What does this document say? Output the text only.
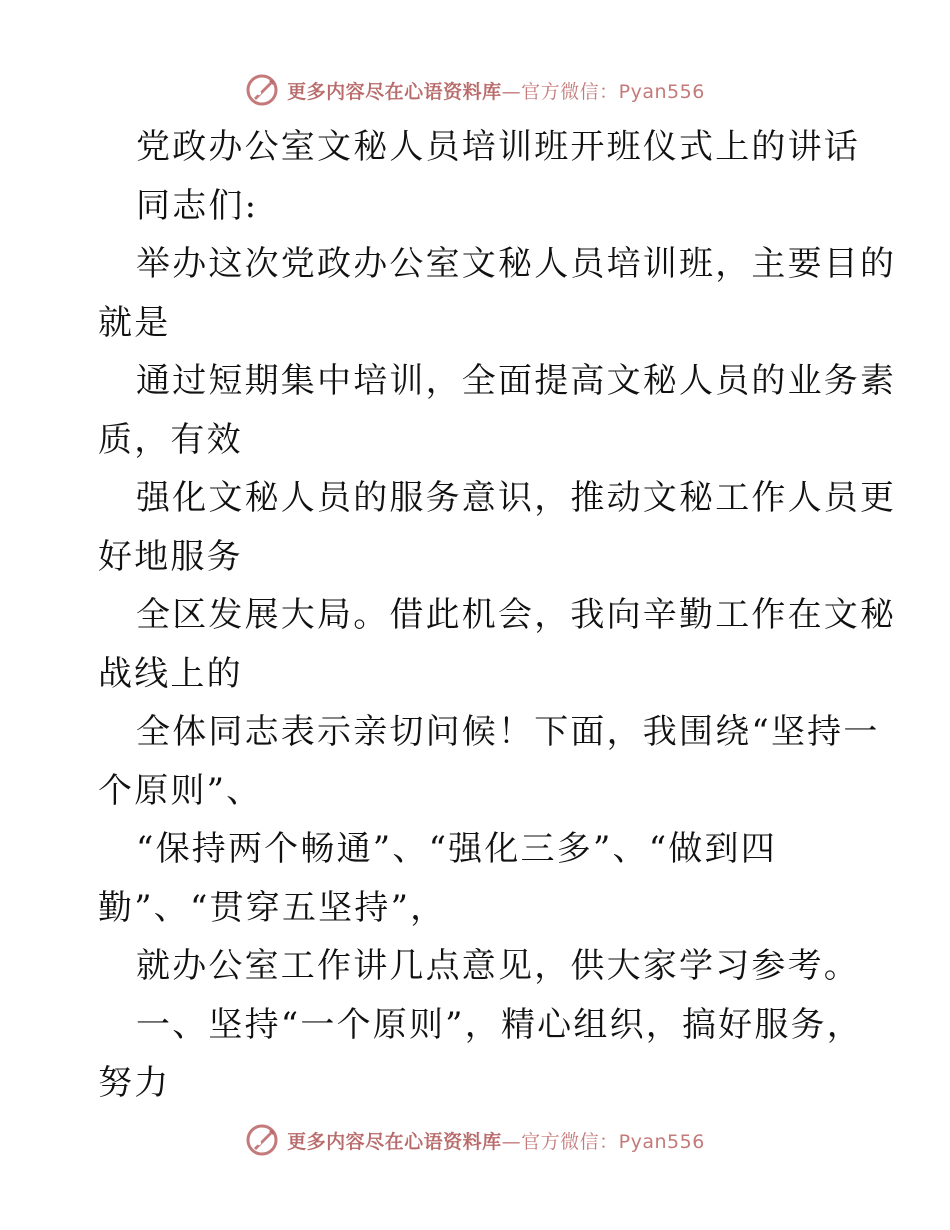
更多内容尽在心语资料库—官方微信：Pyan556
党政办公室文秘人员培训班开班仪式上的讲话
同志们:
举办这次党政办公室文秘人员培训班，主要目的
就是
通过短期集中培训，全面提高文秘人员的业务素
质，有效
强化文秘人员的服务意识，推动文秘工作人员更
好地服务
全区发展大局。借此机会，我向辛勤工作在文秘
战线上的
全体同志表示亲切问候！下面，我围绕“坚持一
个原则”、
“保持两个畅通”、“强化三多”、“做到四
勤”、“贯穿五坚持”，
就办公室工作讲几点意见，供大家学习参考。
一、坚持“一个原则”，精心组织，搞好服务，
努力
更多内容尽在心语资料库—官方微信：Pyan556
